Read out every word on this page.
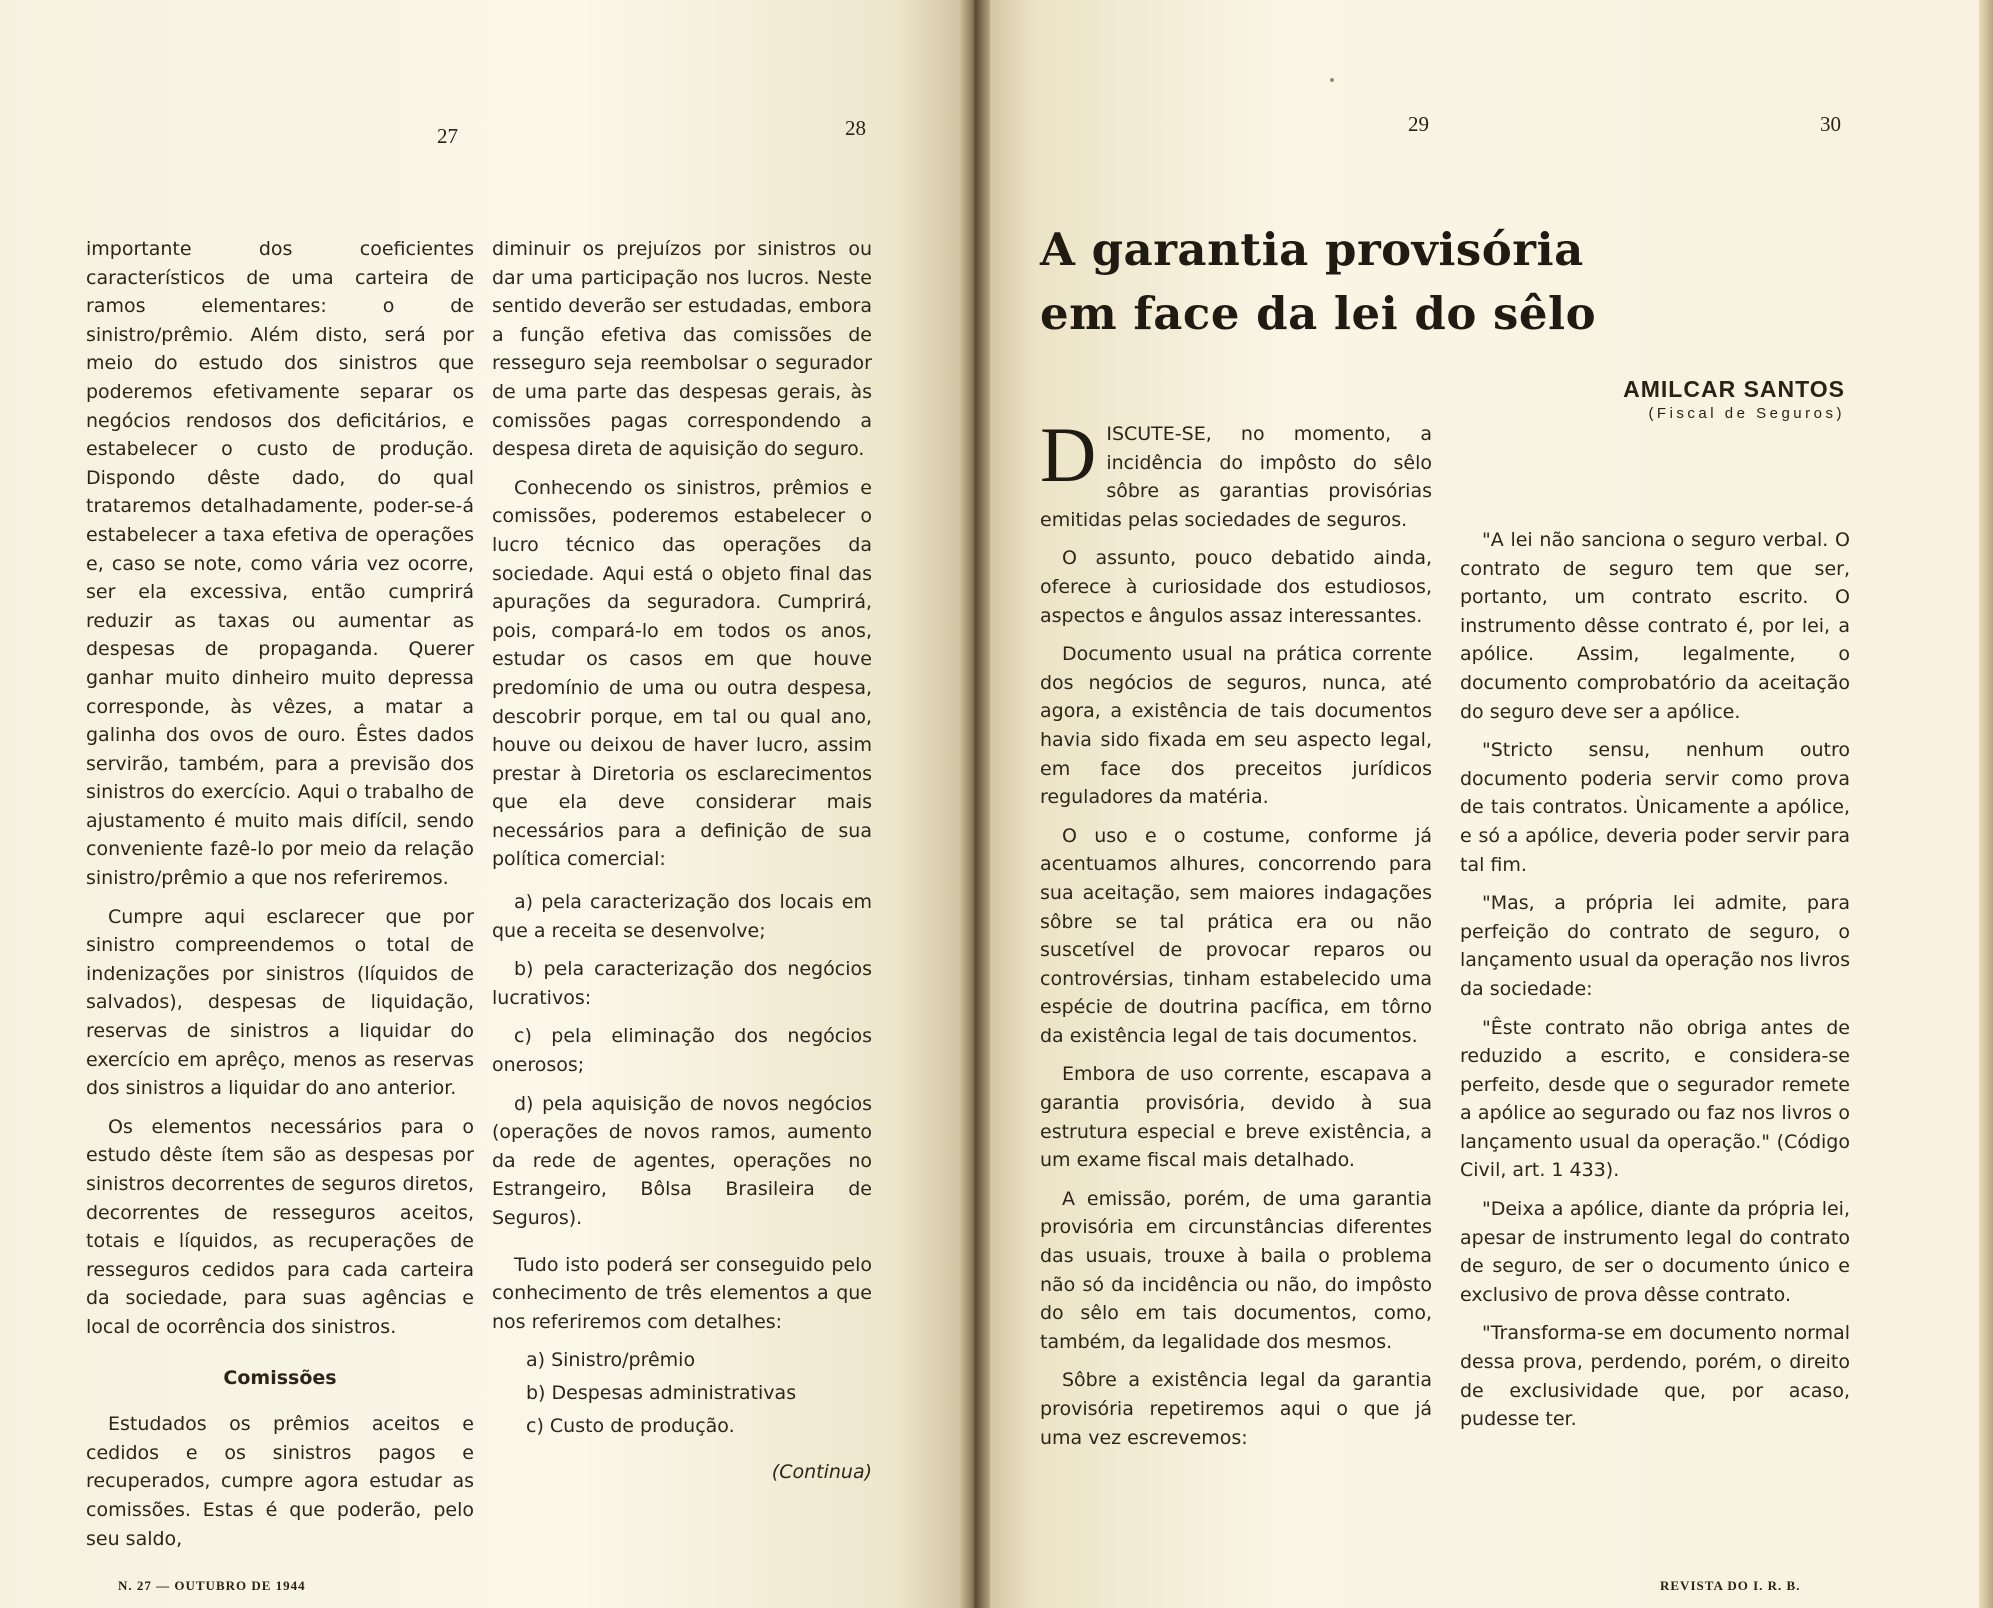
27	28	29	30

importante dos coeficientes característicos de uma carteira de ramos elementares: o de sinistro/prêmio. Além disto, será por meio do estudo dos sinistros que poderemos efetivamente separar os negócios rendosos dos deficitários, e estabelecer o custo de produção. Dispondo dêste dado, do qual trataremos detalhadamente, poder-se-á estabelecer a taxa efetiva de operações e, caso se note, como vária vez ocorre, ser ela excessiva, então cumprirá reduzir as taxas ou aumentar as despesas de propaganda. Querer ganhar muito dinheiro muito depressa corresponde, às vêzes, a matar a galinha dos ovos de ouro. Êstes dados servirão, também, para a previsão dos sinistros do exercício. Aqui o trabalho de ajustamento é muito mais difícil, sendo conveniente fazê-lo por meio da relação sinistro/prêmio a que nos referiremos.

Cumpre aqui esclarecer que por sinistro compreendemos o total de indenizações por sinistros (líquidos de salvados), despesas de liquidação, reservas de sinistros a liquidar do exercício em aprêço, menos as reservas dos sinistros a liquidar do ano anterior.

Os elementos necessários para o estudo dêste ítem são as despesas por sinistros decorrentes de seguros diretos, decorrentes de resseguros aceitos, totais e líquidos, as recuperações de resseguros cedidos para cada carteira da sociedade, para suas agências e local de ocorrência dos sinistros.

Comissões

Estudados os prêmios aceitos e cedidos e os sinistros pagos e recuperados, cumpre agora estudar as comissões. Estas é que poderão, pelo seu saldo,

diminuir os prejuízos por sinistros ou dar uma participação nos lucros. Neste sentido deverão ser estudadas, embora a função efetiva das comissões de resseguro seja reembolsar o segurador de uma parte das despesas gerais, às comissões pagas correspondendo a despesa direta de aquisição do seguro.

Conhecendo os sinistros, prêmios e comissões, poderemos estabelecer o lucro técnico das operações da sociedade. Aqui está o objeto final das apurações da seguradora. Cumprirá, pois, compará-lo em todos os anos, estudar os casos em que houve predomínio de uma ou outra despesa, descobrir porque, em tal ou qual ano, houve ou deixou de haver lucro, assim prestar à Diretoria os esclarecimentos que ela deve considerar mais necessários para a definição de sua política comercial:

a) pela caracterização dos locais em que a receita se desenvolve;

b) pela caracterização dos negócios lucrativos:

c) pela eliminação dos negócios onerosos;

d) pela aquisição de novos negócios (operações de novos ramos, aumento da rede de agentes, operações no Estrangeiro, Bôlsa Brasileira de Seguros).

Tudo isto poderá ser conseguido pelo conhecimento de três elementos a que nos referiremos com detalhes:

a) Sinistro/prêmio
b) Despesas administrativas
c) Custo de produção.
(Continua)
A garantia provisória em face da lei do sêlo
AMILCAR SANTOS
(Fiscal de Seguros)

DISCUTE-SE, no momento, a incidência do impôsto do sêlo sôbre as garantias provisórias emitidas pelas sociedades de seguros.

O assunto, pouco debatido ainda, oferece à curiosidade dos estudiosos, aspectos e ângulos assaz interessantes.

Documento usual na prática corrente dos negócios de seguros, nunca, até agora, a existência de tais documentos havia sido fixada em seu aspecto legal, em face dos preceitos jurídicos reguladores da matéria.

O uso e o costume, conforme já acentuamos alhures, concorrendo para sua aceitação, sem maiores indagações sôbre se tal prática era ou não suscetível de provocar reparos ou controvérsias, tinham estabelecido uma espécie de doutrina pacífica, em tôrno da existência legal de tais documentos.

Embora de uso corrente, escapava a garantia provisória, devido à sua estrutura especial e breve existência, a um exame fiscal mais detalhado.

A emissão, porém, de uma garantia provisória em circunstâncias diferentes das usuais, trouxe à baila o problema não só da incidência ou não, do impôsto do sêlo em tais documentos, como, também, da legalidade dos mesmos.

Sôbre a existência legal da garantia provisória repetiremos aqui o que já uma vez escrevemos:

"A lei não sanciona o seguro verbal. O contrato de seguro tem que ser, portanto, um contrato escrito. O instrumento dêsse contrato é, por lei, a apólice. Assim, legalmente, o documento comprobatório da aceitação do seguro deve ser a apólice.

"Stricto sensu, nenhum outro documento poderia servir como prova de tais contratos. Ùnicamente a apólice, e só a apólice, deveria poder servir para tal fim.

"Mas, a própria lei admite, para perfeição do contrato de seguro, o lançamento usual da operação nos livros da sociedade:

"Êste contrato não obriga antes de reduzido a escrito, e considera-se perfeito, desde que o segurador remete a apólice ao segurado ou faz nos livros o lançamento usual da operação." (Código Civil, art. 1 433).

"Deixa a apólice, diante da própria lei, apesar de instrumento legal do contrato de seguro, de ser o documento único e exclusivo de prova dêsse contrato.

"Transforma-se em documento normal dessa prova, perdendo, porém, o direito de exclusividade que, por acaso, pudesse ter.

N. 27 — OUTUBRO DE 1944	REVISTA DO I. R. B.
